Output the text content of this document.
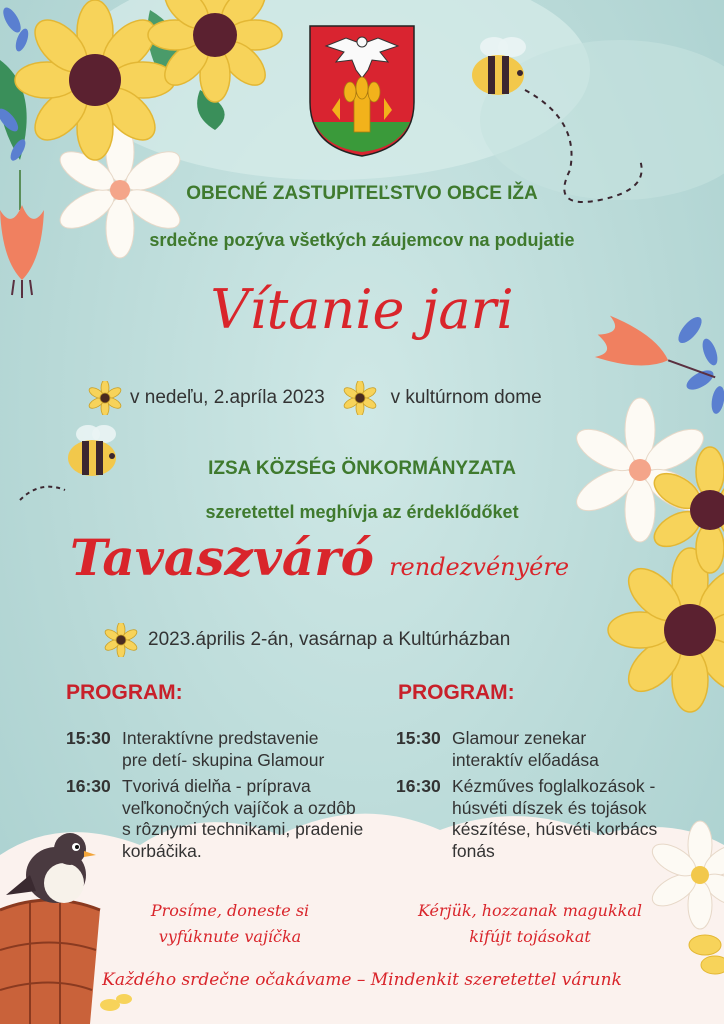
OBECNÉ ZASTUPITEĽSTVO OBCE IŽA
srdečne pozýva všetkých záujemcov na podujatie
Vítanie jari
v nedeľu, 2.apríla 2023	v kultúrnom dome
IZSA KÖZSÉG ÖNKORMÁNYZATA
szeretettel meghívja az érdeklődőket
Tavaszváró rendezvényére
2023.április 2-án, vasárnap a Kultúrházban
PROGRAM:
15:30 Interaktívne predstavenie
pre detí- skupina Glamour
16:30 Tvorivá dielňa - príprava
veľkonočných vajíčok a ozdôb
s rôznymi technikami, pradenie
korbáčika.
PROGRAM:
15:30 Glamour zenekar
interaktív előadása
16:30 Kézműves foglalkozások -
húsvéti díszek és tojások
készítése, húsvéti korbács
fonás
Prosíme, doneste si
vyfúknute vajíčka
Kérjük, hozzanak magukkal
kifújt tojásokat
Každého srdečne očakávame – Mindenkit szeretettel várunk
